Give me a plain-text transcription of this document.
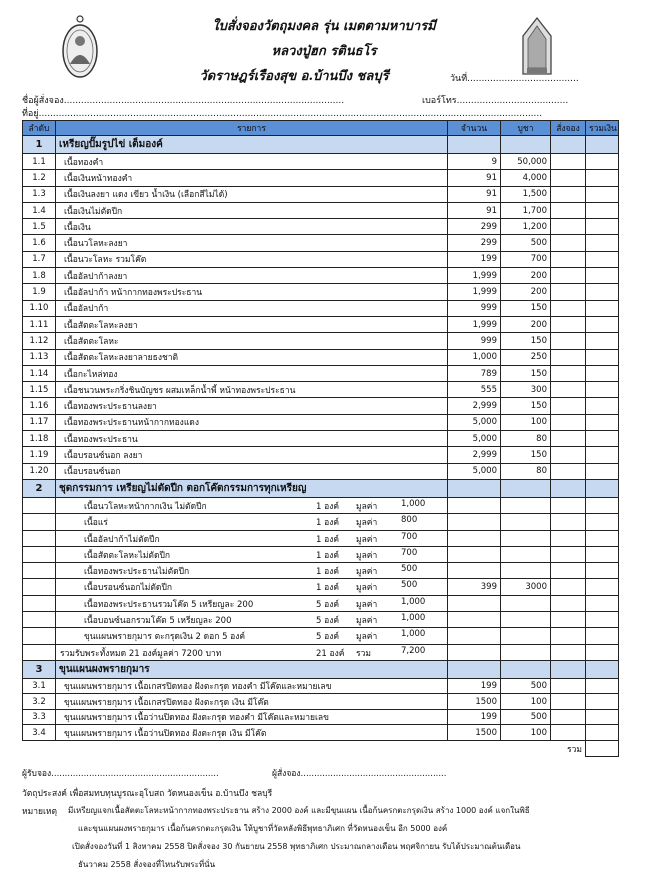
ใบสั่งจองวัตถุมงคล รุ่น เมตตามหาบารมี
หลวงปู่ฮก รตินธโร
วัดราษฎร์เรืองสุข อ.บ้านบึง ชลบุรี	วันที่.......................................
ชื่อผู้สั่งจอง..................................................................................................	เบอร์โทร.......................................
ที่อยู่................................................................................................................................................................................
ลำดับ	รายการ	จำนวน	บูชา	สั่งจอง	รวมเงิน
1	เหรียญปั๊มรูปไข่ เต็มองค์				
1.1	เนื้อทองคำ	9	50,000		
1.2	เนื้อเงินหน้าทองคำ	91	4,000		
1.3	เนื้อเงินลงยา แดง เขียว น้ำเงิน (เลือกสีไม่ได้)	91	1,500		
1.4	เนื้อเงินไม่ตัดปีก	91	1,700		
1.5	เนื้อเงิน	299	1,200		
1.6	เนื้อนวโลหะลงยา	299	500		
1.7	เนื้อนวะโลหะ รวมโค๊ต	199	700		
1.8	เนื้ออัลปาก้าลงยา	1,999	200		
1.9	เนื้ออัลปาก้า หน้ากากทองพระประธาน	1,999	200		
1.10	เนื้ออัลปาก้า	999	150		
1.11	เนื้อสัตตะโลหะลงยา	1,999	200		
1.12	เนื้อสัตตะโลหะ	999	150		
1.13	เนื้อสัตตะโลหะลงยาลายธงชาติ	1,000	250		
1.14	เนื้อกะไหล่ทอง	789	150		
1.15	เนื้อชนวนพระกริ่งชินบัญชร ผสมเหล็กน้ำพี้ หน้าทองพระประธาน	555	300		
1.16	เนื้อทองพระประธานลงยา	2,999	150		
1.17	เนื้อทองพระประธานหน้ากากทองแดง	5,000	100		
1.18	เนื้อทองพระประธาน	5,000	80		
1.19	เนื้อบรอนซ์นอก ลงยา	2,999	150		
1.20	เนื้อบรอนซ์นอก	5,000	80		
2	ชุดกรรมการ เหรียญไม่ตัดปีก ตอกโค๊ตกรรมการทุกเหรียญ				

	เนื้อนวโลหะหน้ากากเงิน ไม่ตัดปีก 1 องค์ มูลค่า 1,000				

	เนื้อแร่ 1 องค์ มูลค่า 800				

	เนื้ออัลปาก้าไม่ตัดปีก 1 องค์ มูลค่า 700				

	เนื้อสัตตะโลหะไม่ตัดปีก 1 องค์ มูลค่า 700				

	เนื้อทองพระประธานไม่ตัดปีก 1 องค์ มูลค่า 500				

	เนื้อบรอนซ์นอกไม่ตัดปีก 1 องค์ มูลค่า 500	399	3000		

	เนื้อทองพระประธานรวมโค๊ต 5 เหรียญละ 200 5 องค์ มูลค่า 1,000				

	เนื้อบอนซ์นอกรวมโค๊ต 5 เหรียญละ 200 5 องค์ มูลค่า 1,000				

	ขุนแผนพรายกุมาร ตะกรุดเงิน 2 ดอก 5 องค์ 5 องค์ มูลค่า 1,000				

	รวมรับพระทั้งหมด 21 องค์มูลค่า 7200 บาท 21 องค์ รวม 7,200				

3	ขุนแผนผงพรายกุมาร				
3.1	ขุนแผนพรายกุมาร เนื้อเกสรปิดทอง ฝังตะกรุด ทองคำ มีโค๊ตและหมายเลข	199	500		
3.2	ขุนแผนพรายกุมาร เนื้อเกสรปิดทอง ฝังตะกรุด เงิน มีโค๊ต	1500	100		
3.3	ขุนแผนพรายกุมาร เนื้อว่านปิดทอง ฝังตะกรุด ทองคำ มีโค๊ตและหมายเลข	199	500		
3.4	ขุนแผนพรายกุมาร เนื้อว่านปิดทอง ฝังตะกรุด เงิน มีโค๊ต	1500	100		
รวม					
ผู้รับจอง..............................................................	ผู้สั่งจอง......................................................
วัตถุประสงค์ เพื่อสมทบทุนบูรณะอุโบสถ วัดหนองเข็น อ.บ้านบึง ชลบุรี
หมายเหตุ มีเหรียญแจกเนื้อสัตตะโลหะหน้ากากทองพระประธาน สร้าง 2000 องค์ และมีขุนแผน เนื้อก้นครกตะกรุดเงิน สร้าง 1000 องค์ แจกในพิธี
และขุนแผนผงพรายกุมาร เนื้อก้นครกตะกรุดเงิน ให้บูชาที่วัดหลังพิธีพุทธาภิเศก ที่วัดหนองเข็น อีก 5000 องค์
เปิดสั่งจองวันที่ 1 สิงหาคม 2558 ปิดสั่งจอง 30 กันยายน 2558 พุทธาภิเศก ประมาณกลางเดือน พฤศจิกายน รับได้ประมาณต้นเดือน
ธันวาคม 2558 สั่งจองที่ไหนรับพระที่นั่น
